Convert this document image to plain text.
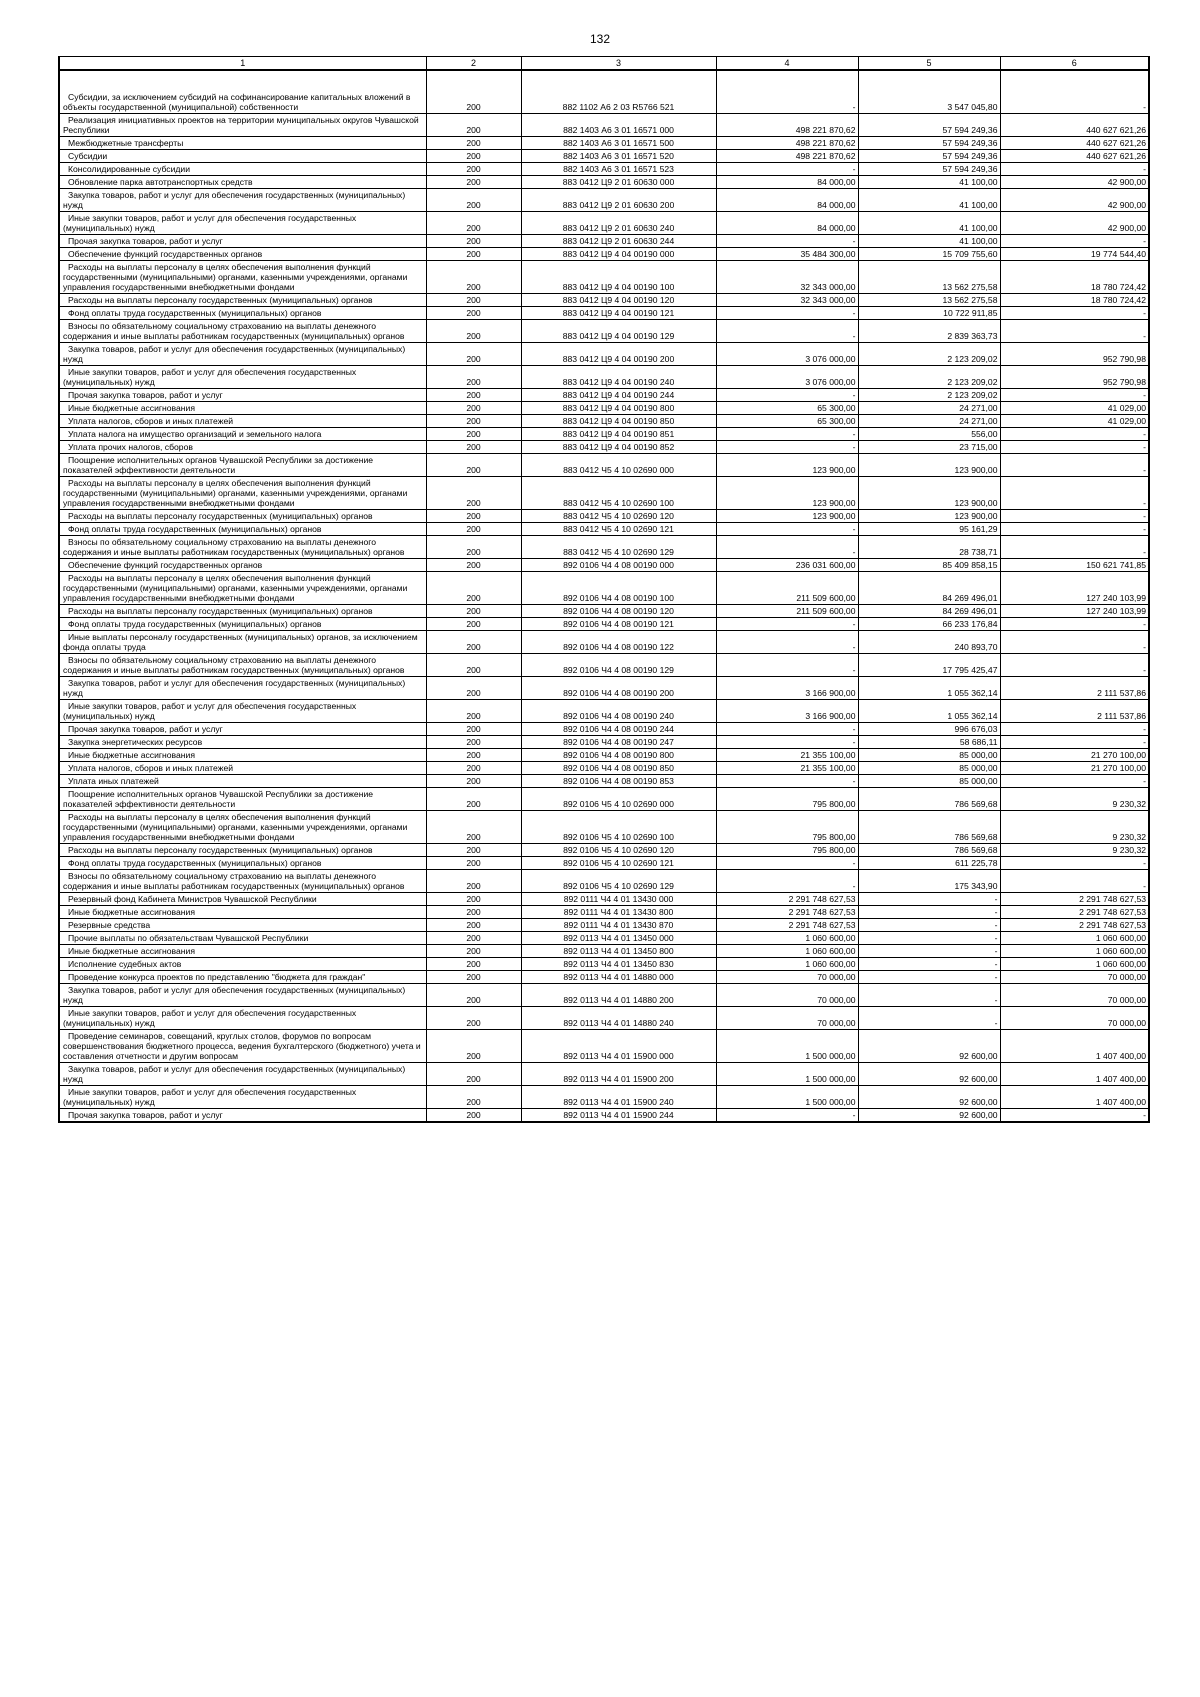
132
1	2	3	4	5	6
Субсидии, за исключением субсидий на софинансирование капитальных вложений в объекты государственной (муниципальной) собственности	200	882 1102 А6 2 03 R5766 521	-	3 547 045,80	-
Реализация инициативных проектов на территории муниципальных округов Чувашской Республики	200	882 1403 А6 3 01 16571 000	498 221 870,62	57 594 249,36	440 627 621,26
Межбюджетные трансферты	200	882 1403 А6 3 01 16571 500	498 221 870,62	57 594 249,36	440 627 621,26
Субсидии	200	882 1403 А6 3 01 16571 520	498 221 870,62	57 594 249,36	440 627 621,26
Консолидированные субсидии	200	882 1403 А6 3 01 16571 523	-	57 594 249,36	-
Обновление парка автотранспортных средств	200	883 0412 Ц9 2 01 60630 000	84 000,00	41 100,00	42 900,00
Закупка товаров, работ и услуг для обеспечения государственных (муниципальных) нужд	200	883 0412 Ц9 2 01 60630 200	84 000,00	41 100,00	42 900,00
Иные закупки товаров, работ и услуг для обеспечения государственных (муниципальных) нужд	200	883 0412 Ц9 2 01 60630 240	84 000,00	41 100,00	42 900,00
Прочая закупка товаров, работ и услуг	200	883 0412 Ц9 2 01 60630 244	-	41 100,00	-
Обеспечение функций государственных органов	200	883 0412 Ц9 4 04 00190 000	35 484 300,00	15 709 755,60	19 774 544,40
Расходы на выплаты персоналу в целях обеспечения выполнения функций государственными (муниципальными) органами, казенными учреждениями, органами управления государственными внебюджетными фондами	200	883 0412 Ц9 4 04 00190 100	32 343 000,00	13 562 275,58	18 780 724,42
Расходы на выплаты персоналу государственных (муниципальных) органов	200	883 0412 Ц9 4 04 00190 120	32 343 000,00	13 562 275,58	18 780 724,42
Фонд оплаты труда государственных (муниципальных) органов	200	883 0412 Ц9 4 04 00190 121	-	10 722 911,85	-
Взносы по обязательному социальному страхованию на выплаты денежного содержания и иные выплаты работникам государственных (муниципальных) органов	200	883 0412 Ц9 4 04 00190 129	-	2 839 363,73	-
Закупка товаров, работ и услуг для обеспечения государственных (муниципальных) нужд	200	883 0412 Ц9 4 04 00190 200	3 076 000,00	2 123 209,02	952 790,98
Иные закупки товаров, работ и услуг для обеспечения государственных (муниципальных) нужд	200	883 0412 Ц9 4 04 00190 240	3 076 000,00	2 123 209,02	952 790,98
Прочая закупка товаров, работ и услуг	200	883 0412 Ц9 4 04 00190 244	-	2 123 209,02	-
Иные бюджетные ассигнования	200	883 0412 Ц9 4 04 00190 800	65 300,00	24 271,00	41 029,00
Уплата налогов, сборов и иных платежей	200	883 0412 Ц9 4 04 00190 850	65 300,00	24 271,00	41 029,00
Уплата налога на имущество организаций и земельного налога	200	883 0412 Ц9 4 04 00190 851	-	556,00	-
Уплата прочих налогов, сборов	200	883 0412 Ц9 4 04 00190 852	-	23 715,00	-
Поощрение исполнительных органов Чувашской Республики за достижение показателей эффективности деятельности	200	883 0412 Ч5 4 10 02690 000	123 900,00	123 900,00	-
Расходы на выплаты персоналу в целях обеспечения выполнения функций государственными (муниципальными) органами, казенными учреждениями, органами управления государственными внебюджетными фондами	200	883 0412 Ч5 4 10 02690 100	123 900,00	123 900,00	-
Расходы на выплаты персоналу государственных (муниципальных) органов	200	883 0412 Ч5 4 10 02690 120	123 900,00	123 900,00	-
Фонд оплаты труда государственных (муниципальных) органов	200	883 0412 Ч5 4 10 02690 121	-	95 161,29	-
Взносы по обязательному социальному страхованию на выплаты денежного содержания и иные выплаты работникам государственных (муниципальных) органов	200	883 0412 Ч5 4 10 02690 129	-	28 738,71	-
Обеспечение функций государственных органов	200	892 0106 Ч4 4 08 00190 000	236 031 600,00	85 409 858,15	150 621 741,85
Расходы на выплаты персоналу в целях обеспечения выполнения функций государственными (муниципальными) органами, казенными учреждениями, органами управления государственными внебюджетными фондами	200	892 0106 Ч4 4 08 00190 100	211 509 600,00	84 269 496,01	127 240 103,99
Расходы на выплаты персоналу государственных (муниципальных) органов	200	892 0106 Ч4 4 08 00190 120	211 509 600,00	84 269 496,01	127 240 103,99
Фонд оплаты труда государственных (муниципальных) органов	200	892 0106 Ч4 4 08 00190 121	-	66 233 176,84	-
Иные выплаты персоналу государственных (муниципальных) органов, за исключением фонда оплаты труда	200	892 0106 Ч4 4 08 00190 122	-	240 893,70	-
Взносы по обязательному социальному страхованию на выплаты денежного содержания и иные выплаты работникам государственных (муниципальных) органов	200	892 0106 Ч4 4 08 00190 129	-	17 795 425,47	-
Закупка товаров, работ и услуг для обеспечения государственных (муниципальных) нужд	200	892 0106 Ч4 4 08 00190 200	3 166 900,00	1 055 362,14	2 111 537,86
Иные закупки товаров, работ и услуг для обеспечения государственных (муниципальных) нужд	200	892 0106 Ч4 4 08 00190 240	3 166 900,00	1 055 362,14	2 111 537,86
Прочая закупка товаров, работ и услуг	200	892 0106 Ч4 4 08 00190 244	-	996 676,03	-
Закупка энергетических ресурсов	200	892 0106 Ч4 4 08 00190 247	-	58 686,11	-
Иные бюджетные ассигнования	200	892 0106 Ч4 4 08 00190 800	21 355 100,00	85 000,00	21 270 100,00
Уплата налогов, сборов и иных платежей	200	892 0106 Ч4 4 08 00190 850	21 355 100,00	85 000,00	21 270 100,00
Уплата иных платежей	200	892 0106 Ч4 4 08 00190 853	-	85 000,00	-
Поощрение исполнительных органов Чувашской Республики за достижение показателей эффективности деятельности	200	892 0106 Ч5 4 10 02690 000	795 800,00	786 569,68	9 230,32
Расходы на выплаты персоналу в целях обеспечения выполнения функций государственными (муниципальными) органами, казенными учреждениями, органами управления государственными внебюджетными фондами	200	892 0106 Ч5 4 10 02690 100	795 800,00	786 569,68	9 230,32
Расходы на выплаты персоналу государственных (муниципальных) органов	200	892 0106 Ч5 4 10 02690 120	795 800,00	786 569,68	9 230,32
Фонд оплаты труда государственных (муниципальных) органов	200	892 0106 Ч5 4 10 02690 121	-	611 225,78	-
Взносы по обязательному социальному страхованию на выплаты денежного содержания и иные выплаты работникам государственных (муниципальных) органов	200	892 0106 Ч5 4 10 02690 129	-	175 343,90	-
Резервный фонд Кабинета Министров Чувашской Республики	200	892 0111 Ч4 4 01 13430 000	2 291 748 627,53	-	2 291 748 627,53
Иные бюджетные ассигнования	200	892 0111 Ч4 4 01 13430 800	2 291 748 627,53	-	2 291 748 627,53
Резервные средства	200	892 0111 Ч4 4 01 13430 870	2 291 748 627,53	-	2 291 748 627,53
Прочие выплаты по обязательствам Чувашской Республики	200	892 0113 Ч4 4 01 13450 000	1 060 600,00	-	1 060 600,00
Иные бюджетные ассигнования	200	892 0113 Ч4 4 01 13450 800	1 060 600,00	-	1 060 600,00
Исполнение судебных актов	200	892 0113 Ч4 4 01 13450 830	1 060 600,00	-	1 060 600,00
Проведение конкурса проектов по представлению "бюджета для граждан"	200	892 0113 Ч4 4 01 14880 000	70 000,00	-	70 000,00
Закупка товаров, работ и услуг для обеспечения государственных (муниципальных) нужд	200	892 0113 Ч4 4 01 14880 200	70 000,00	-	70 000,00
Иные закупки товаров, работ и услуг для обеспечения государственных (муниципальных) нужд	200	892 0113 Ч4 4 01 14880 240	70 000,00	-	70 000,00
Проведение семинаров, совещаний, круглых столов, форумов по вопросам совершенствования бюджетного процесса, ведения бухгалтерского (бюджетного) учета и составления отчетности и другим вопросам	200	892 0113 Ч4 4 01 15900 000	1 500 000,00	92 600,00	1 407 400,00
Закупка товаров, работ и услуг для обеспечения государственных (муниципальных) нужд	200	892 0113 Ч4 4 01 15900 200	1 500 000,00	92 600,00	1 407 400,00
Иные закупки товаров, работ и услуг для обеспечения государственных (муниципальных) нужд	200	892 0113 Ч4 4 01 15900 240	1 500 000,00	92 600,00	1 407 400,00
Прочая закупка товаров, работ и услуг	200	892 0113 Ч4 4 01 15900 244	-	92 600,00	-
